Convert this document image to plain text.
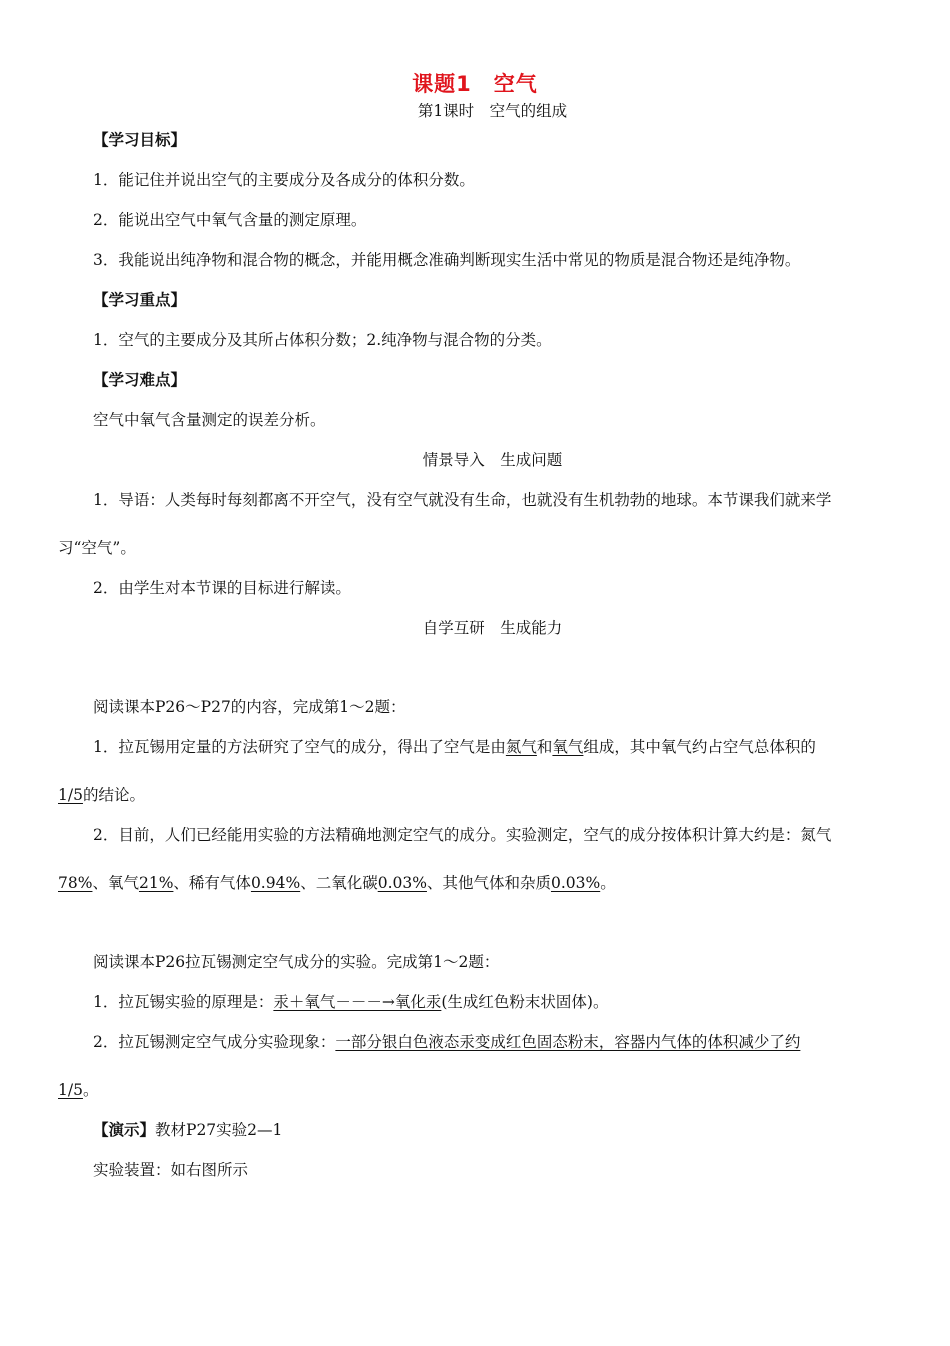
课题1　空气
第1课时　空气的组成
【学习目标】
1．能记住并说出空气的主要成分及各成分的体积分数。
2．能说出空气中氧气含量的测定原理。
3．我能说出纯净物和混合物的概念，并能用概念准确判断现实生活中常见的物质是混合物还是纯净物。
【学习重点】
1．空气的主要成分及其所占体积分数；2.纯净物与混合物的分类。
【学习难点】
空气中氧气含量测定的误差分析。
情景导入　生成问题
1．导语：人类每时每刻都离不开空气，没有空气就没有生命，也就没有生机勃勃的地球。本节课我们就来学
习“空气”。
2．由学生对本节课的目标进行解读。
自学互研　生成能力
阅读课本P26～P27的内容，完成第1～2题：
1．拉瓦锡用定量的方法研究了空气的成分，得出了空气是由氮气和氧气组成，其中氧气约占空气总体积的
1/5的结论。
2．目前，人们已经能用实验的方法精确地测定空气的成分。实验测定，空气的成分按体积计算大约是：氮气
78%、氧气21%、稀有气体0.94%、二氧化碳0.03%、其他气体和杂质0.03%。
阅读课本P26拉瓦锡测定空气成分的实验。完成第1～2题：
1．拉瓦锡实验的原理是：汞＋氧气－－－→氧化汞(生成红色粉末状固体)。
2．拉瓦锡测定空气成分实验现象：一部分银白色液态汞变成红色固态粉末，容器内气体的体积减少了约
1/5。
【演示】教材P27实验2—1
实验装置：如右图所示
